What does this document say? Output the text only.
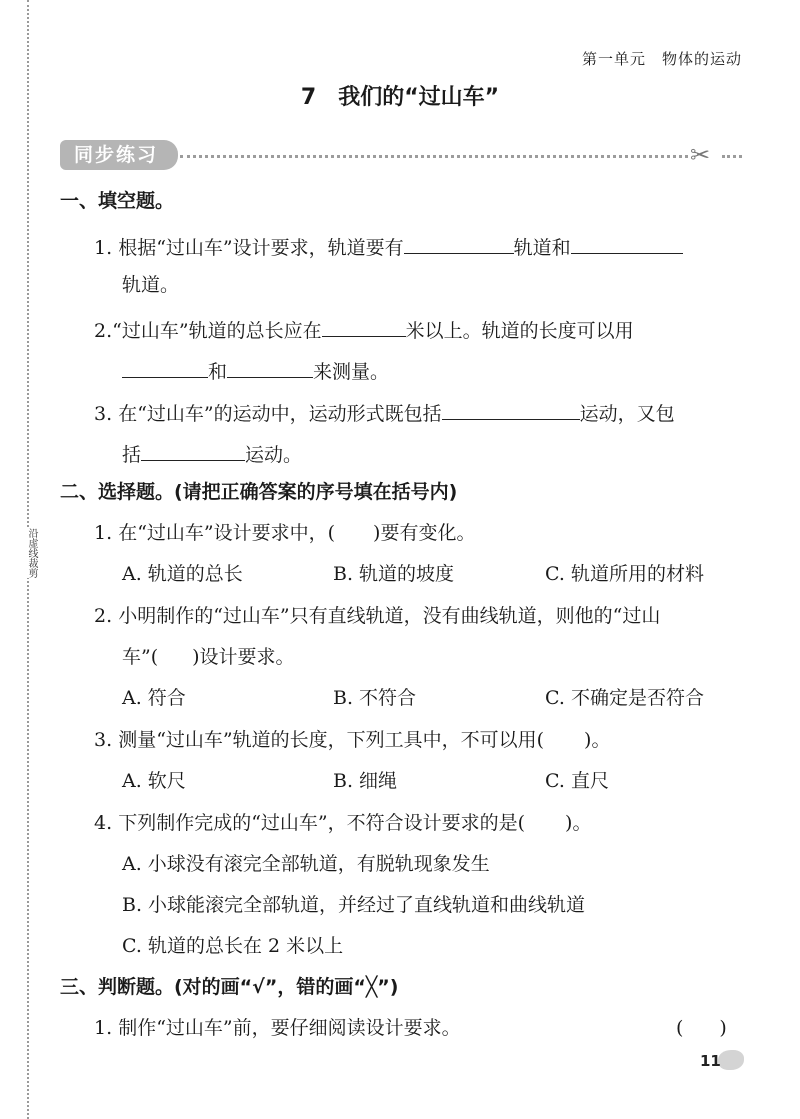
沿虚线裁剪
第一单元 物体的运动
7 我们的“过山车”
同步练习	✂
一、填空题。
1. 根据“过山车”设计要求，轨道要有	轨道和
轨道。
2.“过山车”轨道的总长应在	米以上。轨道的长度可以用
和	来测量。
3. 在“过山车”的运动中，运动形式既包括	运动，又包
括	运动。
二、选择题。(请把正确答案的序号填在括号内)
1. 在“过山车”设计要求中，( )要有变化。
A. 轨道的总长	B. 轨道的坡度	C. 轨道所用的材料
2. 小明制作的“过山车”只有直线轨道，没有曲线轨道，则他的“过山
车”( )设计要求。
A. 符合	B. 不符合	C. 不确定是否符合
3. 测量“过山车”轨道的长度，下列工具中，不可以用( )。
A. 软尺	B. 细绳	C. 直尺
4. 下列制作完成的“过山车”，不符合设计要求的是( )。
A. 小球没有滚完全部轨道，有脱轨现象发生
B. 小球能滚完全部轨道，并经过了直线轨道和曲线轨道
C. 轨道的总长在 2 米以上
三、判断题。(对的画“√”，错的画“╳”)
1. 制作“过山车”前，要仔细阅读设计要求。	( )
11
